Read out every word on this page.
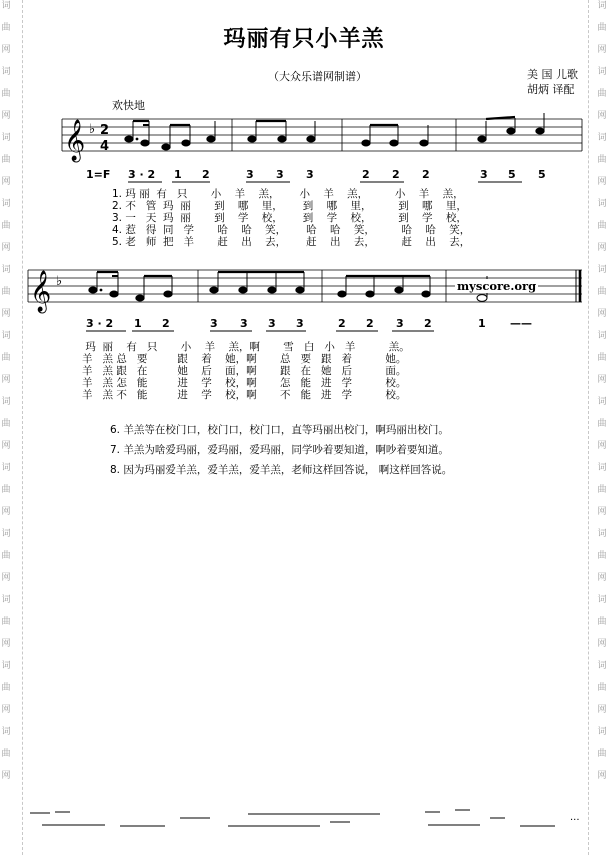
词
曲
网
词
曲
网
词
曲
网
词
曲
网
词
曲
网
词
曲
网
词
曲
网
词
曲
网
词
曲
网
词
曲
网
词
曲
网
词
曲
网
词
曲
网
词
曲
网
词
曲
网
词
曲
网
词
曲
网
词
曲
网
词
曲
网
词
曲
网
词
曲
网
词
曲
网
词
曲
网
词
曲
网
玛丽有只小羊羔
（大众乐谱网制谱）	美 国 儿歌
胡炳 译配
欢快地
𝄞 ♭ 2
4
𝄞 ♭	myscore.org
1=F 3 · 2 1 2	3 3 3	2 2 2	3 5 5
1. 玛 丽  有   只       小    羊    羔，      小    羊    羔，        小    羊    羔，
2. 不   管  玛  丽       到    哪    里，      到    哪    里，        到    哪    里，
3. 一   天  玛  丽       到    学    校，      到    学    校，        到    学    校，
4. 惹   得  同   学       哈    哈    笑，      哈    哈    笑，        哈    哈    笑，
5. 老   师  把   羊       赶    出    去，      赶    出    去，        赶    出    去，
3 · 2 1 2	3 3 3 3	2 2 3 2	1 ——
玛  丽    有   只       小    羊    羔，啊       雪   白   小   羊          羔。
羊   羔 总   要         跟    着    她，啊       总   要   跟   着          她。
羊   羔 跟   在         她    后    面，啊       跟   在   她   后          面。
羊   羔 怎   能         进    学    校，啊       怎   能   进   学          校。
羊   羔 不   能         进    学    校，啊       不   能   进   学          校。
6. 羊羔等在校门口，校门口，校门口，直等玛丽出校门，啊玛丽出校门。
7. 羊羔为啥爱玛丽，爱玛丽，爱玛丽，同学吵着要知道，啊吵着要知道。
8. 因为玛丽爱羊羔，爱羊羔，爱羊羔，老师这样回答说， 啊这样回答说。
...
